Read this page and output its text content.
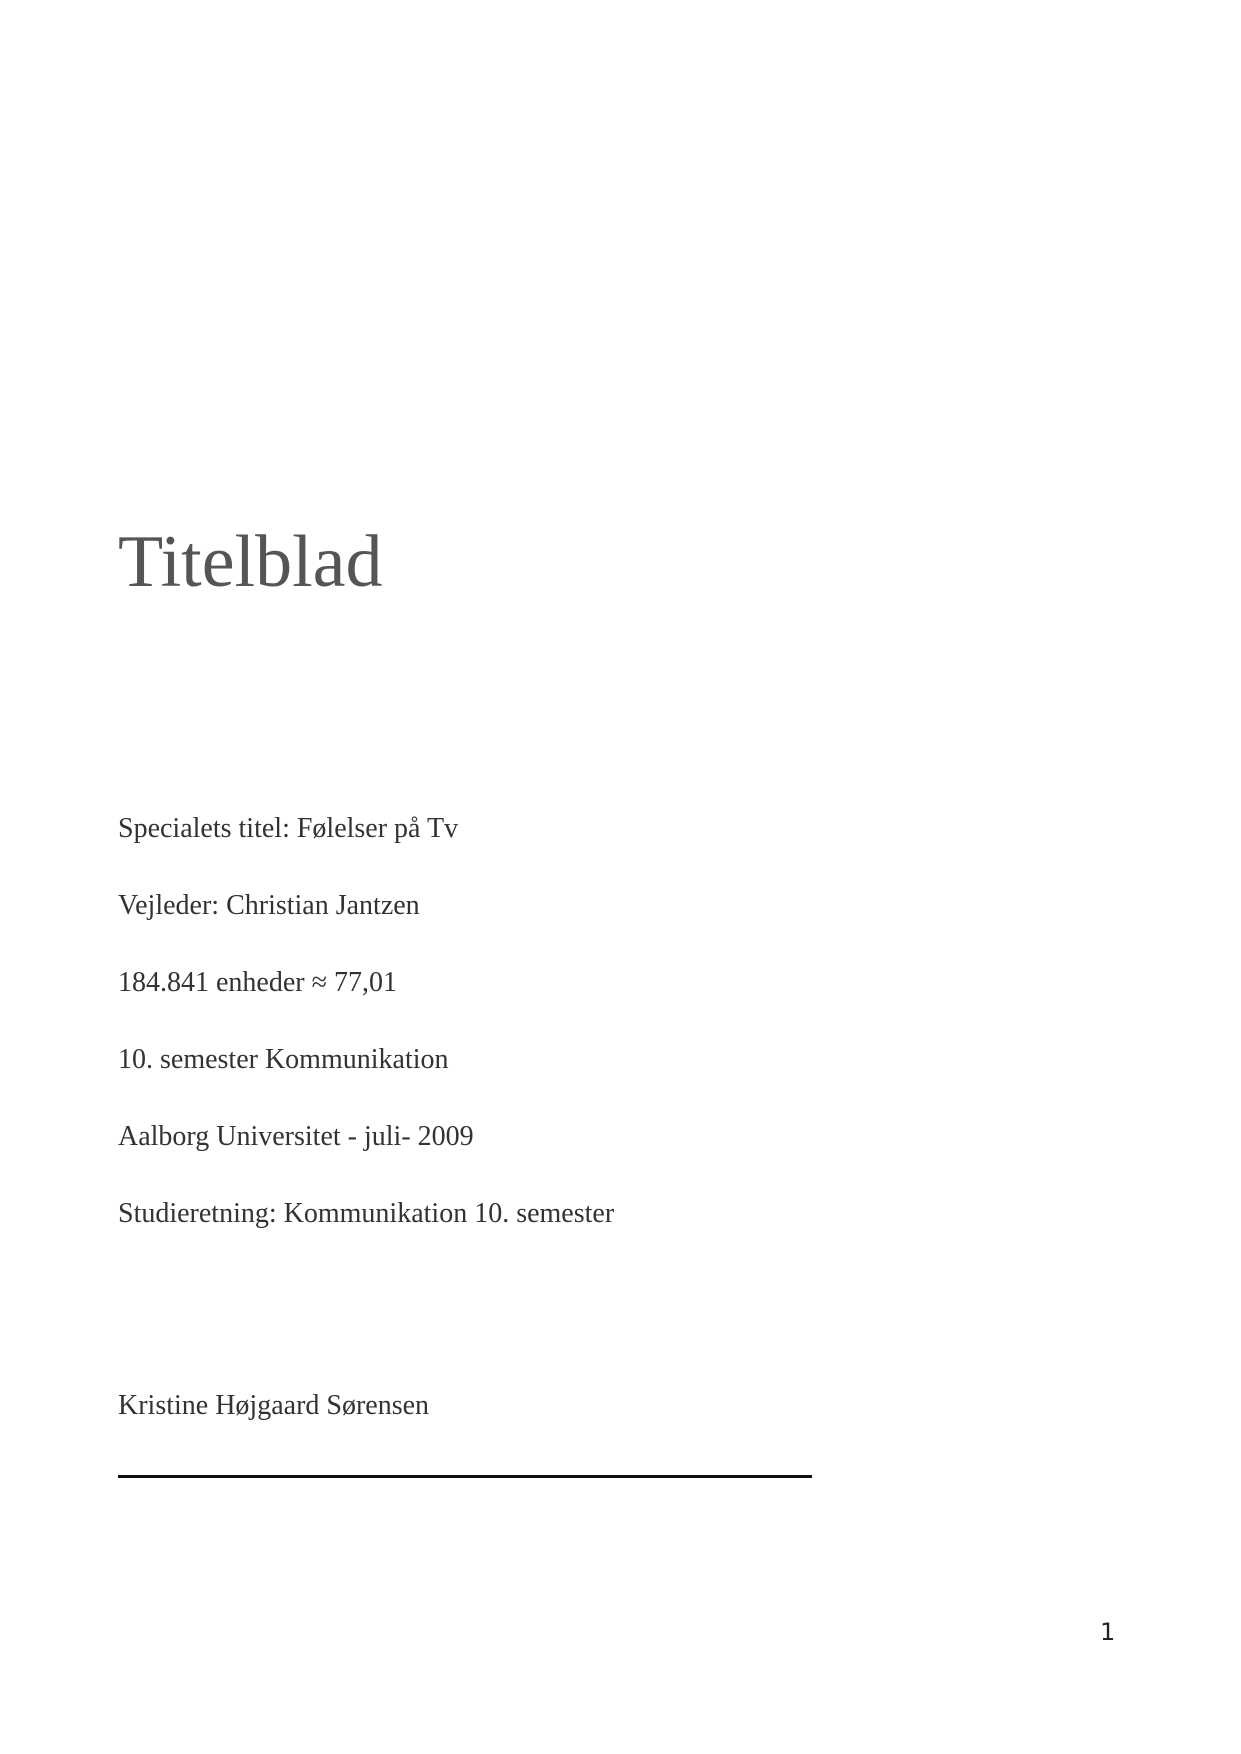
Titelblad
Specialets titel: Følelser på Tv
Vejleder: Christian Jantzen
184.841 enheder ≈ 77,01
10. semester Kommunikation
Aalborg Universitet - juli- 2009
Studieretning: Kommunikation 10. semester
Kristine Højgaard Sørensen
1
